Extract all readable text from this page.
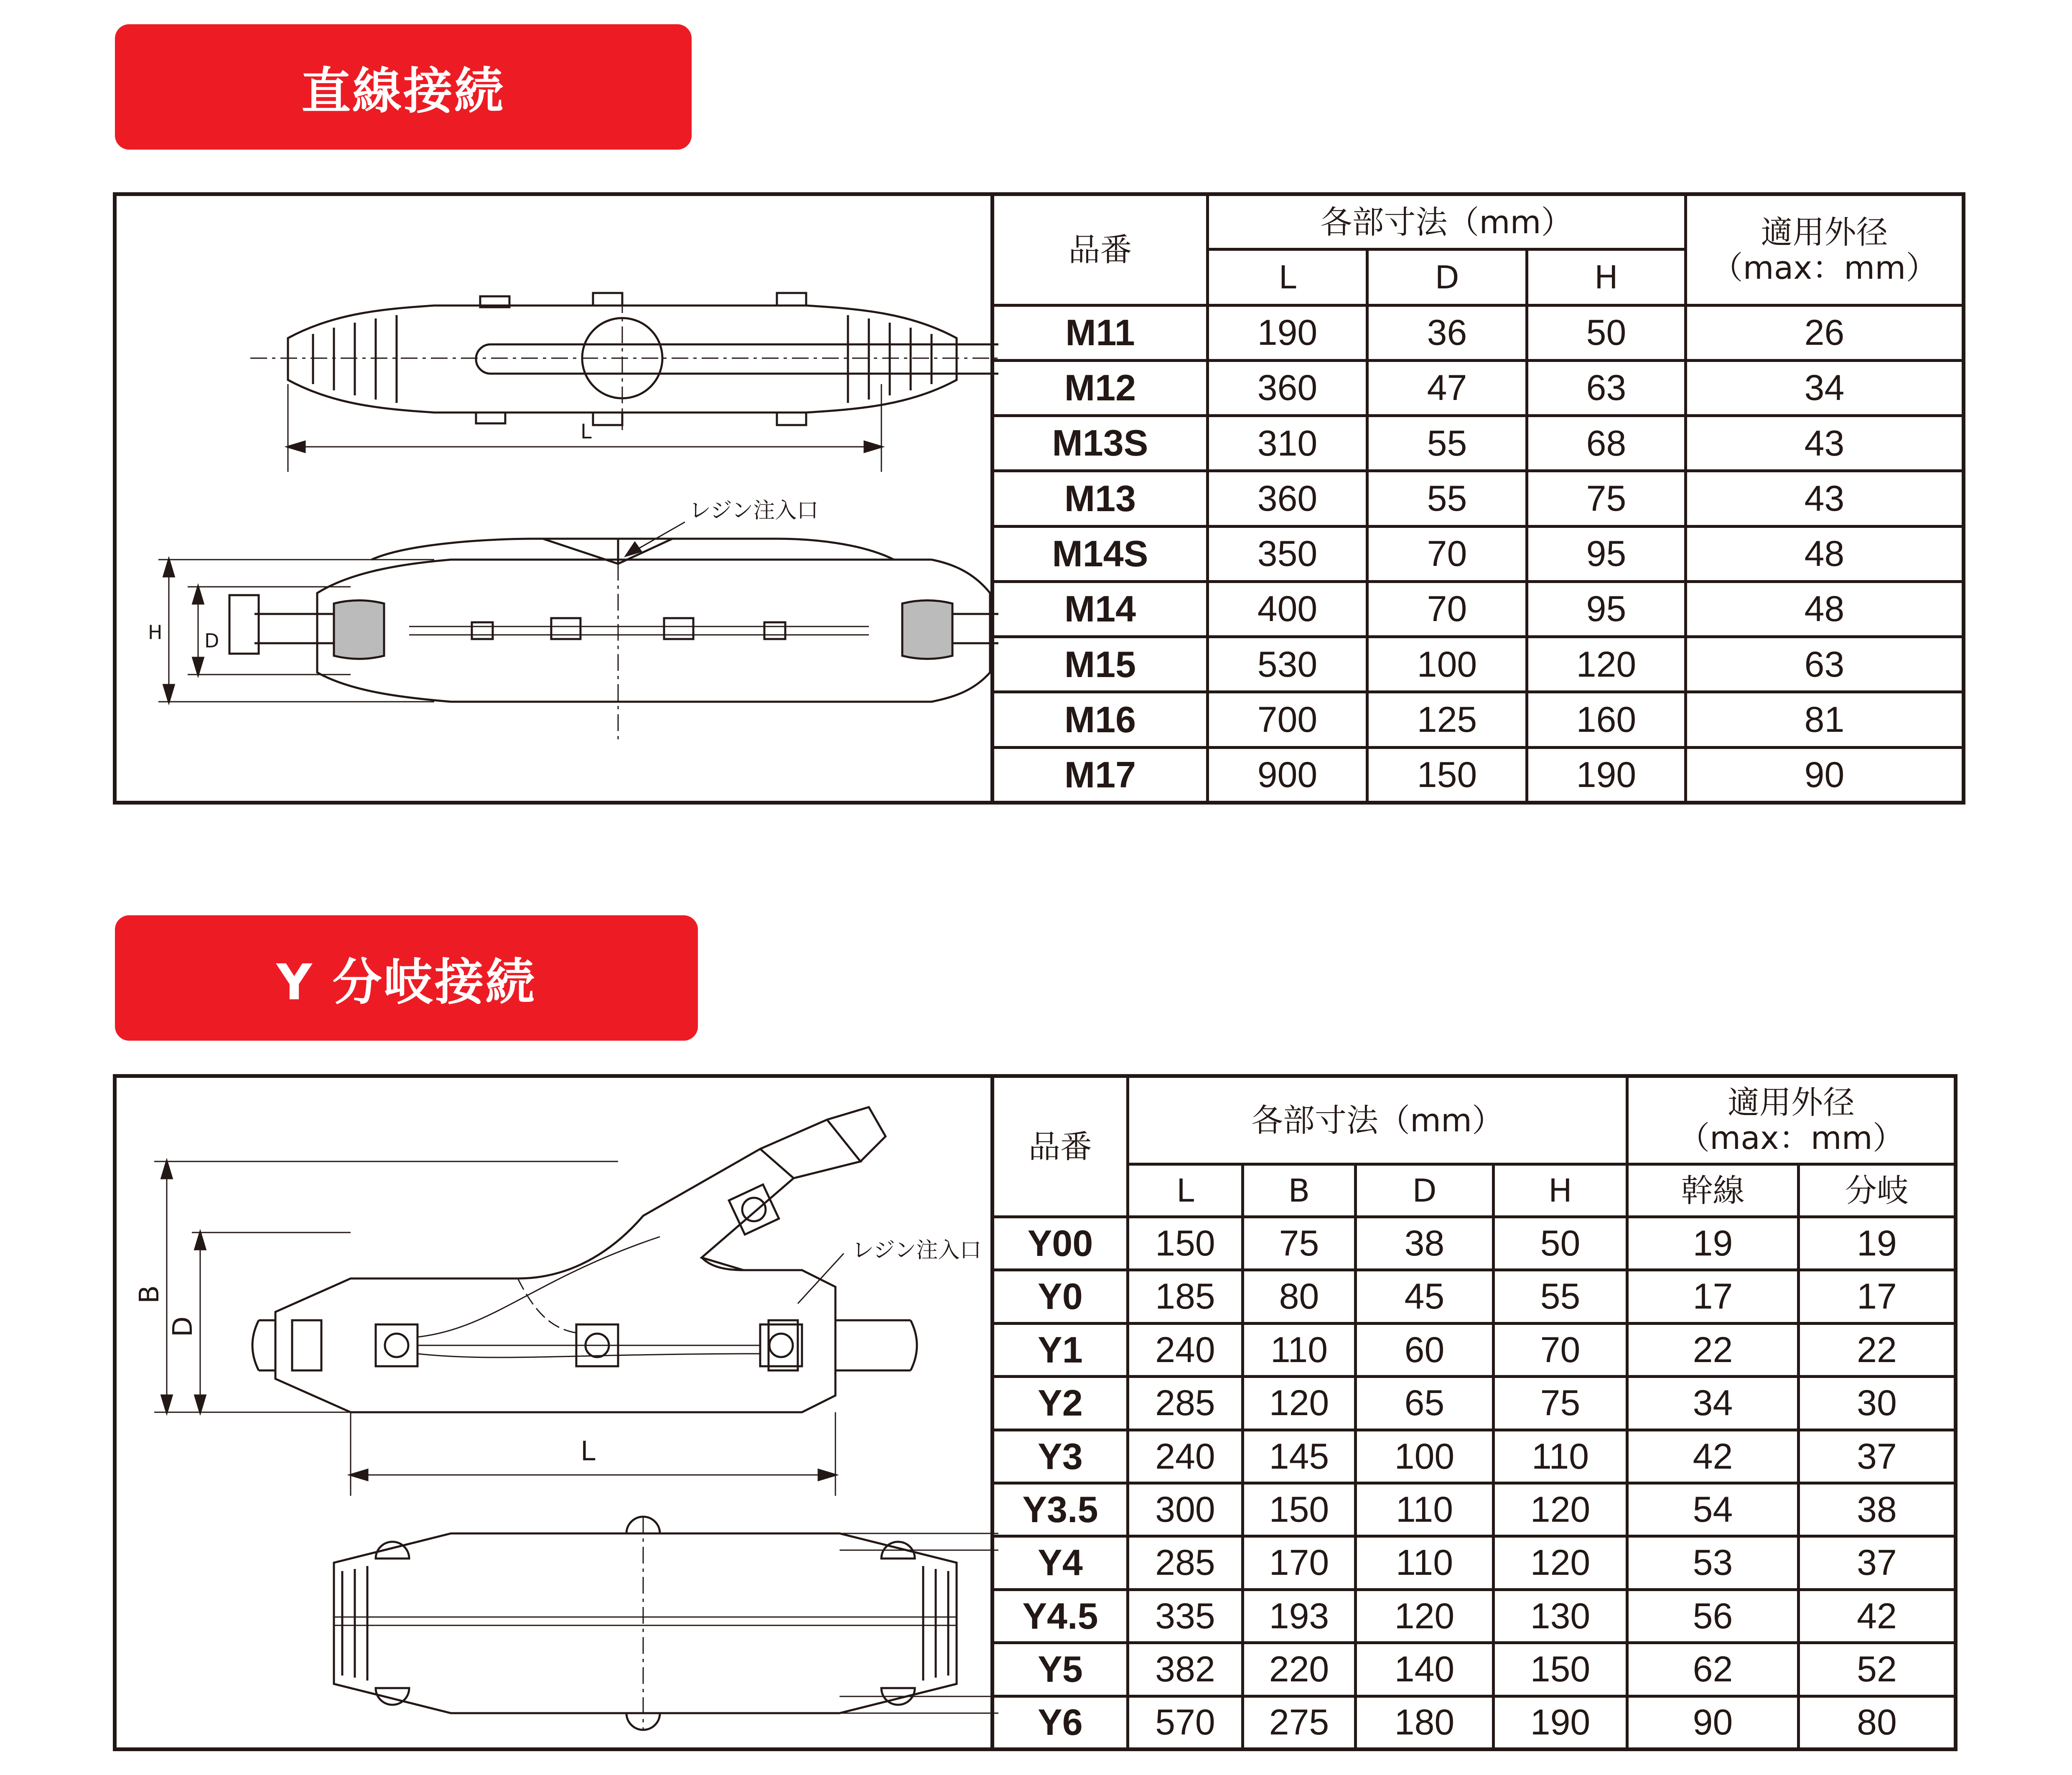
直線接続
L
H D
レジン注入口
品番	各部寸法（mm）			適用外径
（max：mm）

	L	D	H	
M11	190	36	50	26
M12	360	47	63	34
M13S	310	55	68	43
M13	360	55	75	43
M14S	350	70	95	48
M14	400	70	95	48
M15	530	100	120	63
M16	700	125	160	81
M17	900	150	190	90
Y 分岐接続
B
D
L
レジン注入口
品番	各部寸法（mm）				適用外径
（max：mm）	

	L	B	D	H	幹線	分岐
Y00	150	75	38	50	19	19
Y0	185	80	45	55	17	17
Y1	240	110	60	70	22	22
Y2	285	120	65	75	34	30
Y3	240	145	100	110	42	37
Y3.5	300	150	110	120	54	38
Y4	285	170	110	120	53	37
Y4.5	335	193	120	130	56	42
Y5	382	220	140	150	62	52
Y6	570	275	180	190	90	80
